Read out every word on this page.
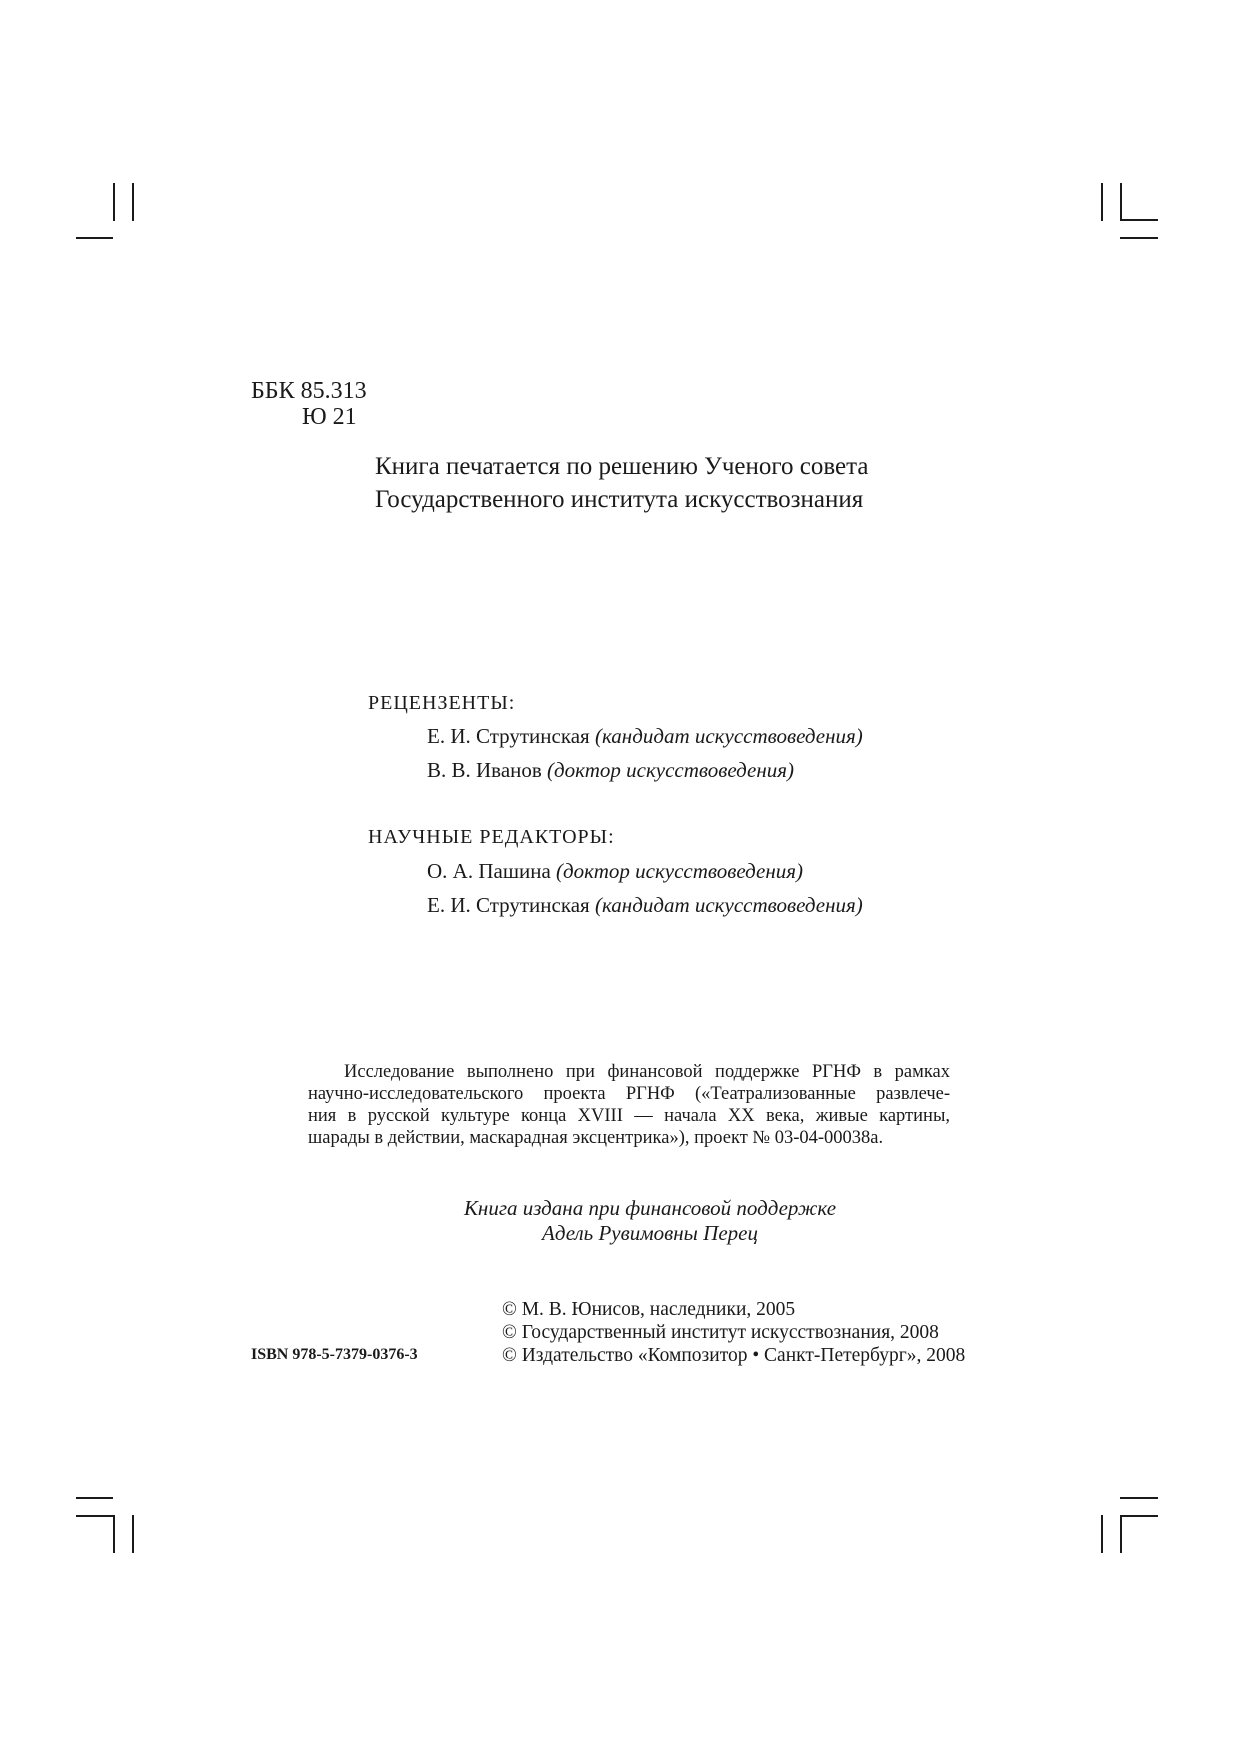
ББК 85.313
Ю 21
Книга печатается по решению Ученого совета
Государственного института искусствознания
РЕЦЕНЗЕНТЫ:
Е. И. Струтинская (кандидат искусствоведения)
В. В. Иванов (доктор искусствоведения)
НАУЧНЫЕ РЕДАКТОРЫ:
О. А. Пашина (доктор искусствоведения)
Е. И. Струтинская (кандидат искусствоведения)
Исследование выполнено при финансовой поддержке РГНФ в рамках
научно-исследовательского проекта РГНФ («Театрализованные развлече-
ния в русской культуре конца XVIII — начала XX века, живые картины,
шарады в действии, маскарадная эксцентрика»), проект № 03-04-00038а.
Книга издана при финансовой поддержке
Адель Рувимовны Перец
© М. В. Юнисов, наследники, 2005
© Государственный институт искусствознания, 2008
© Издательство «Композитор • Санкт-Петербург», 2008
ISBN 978-5-7379-0376-3
